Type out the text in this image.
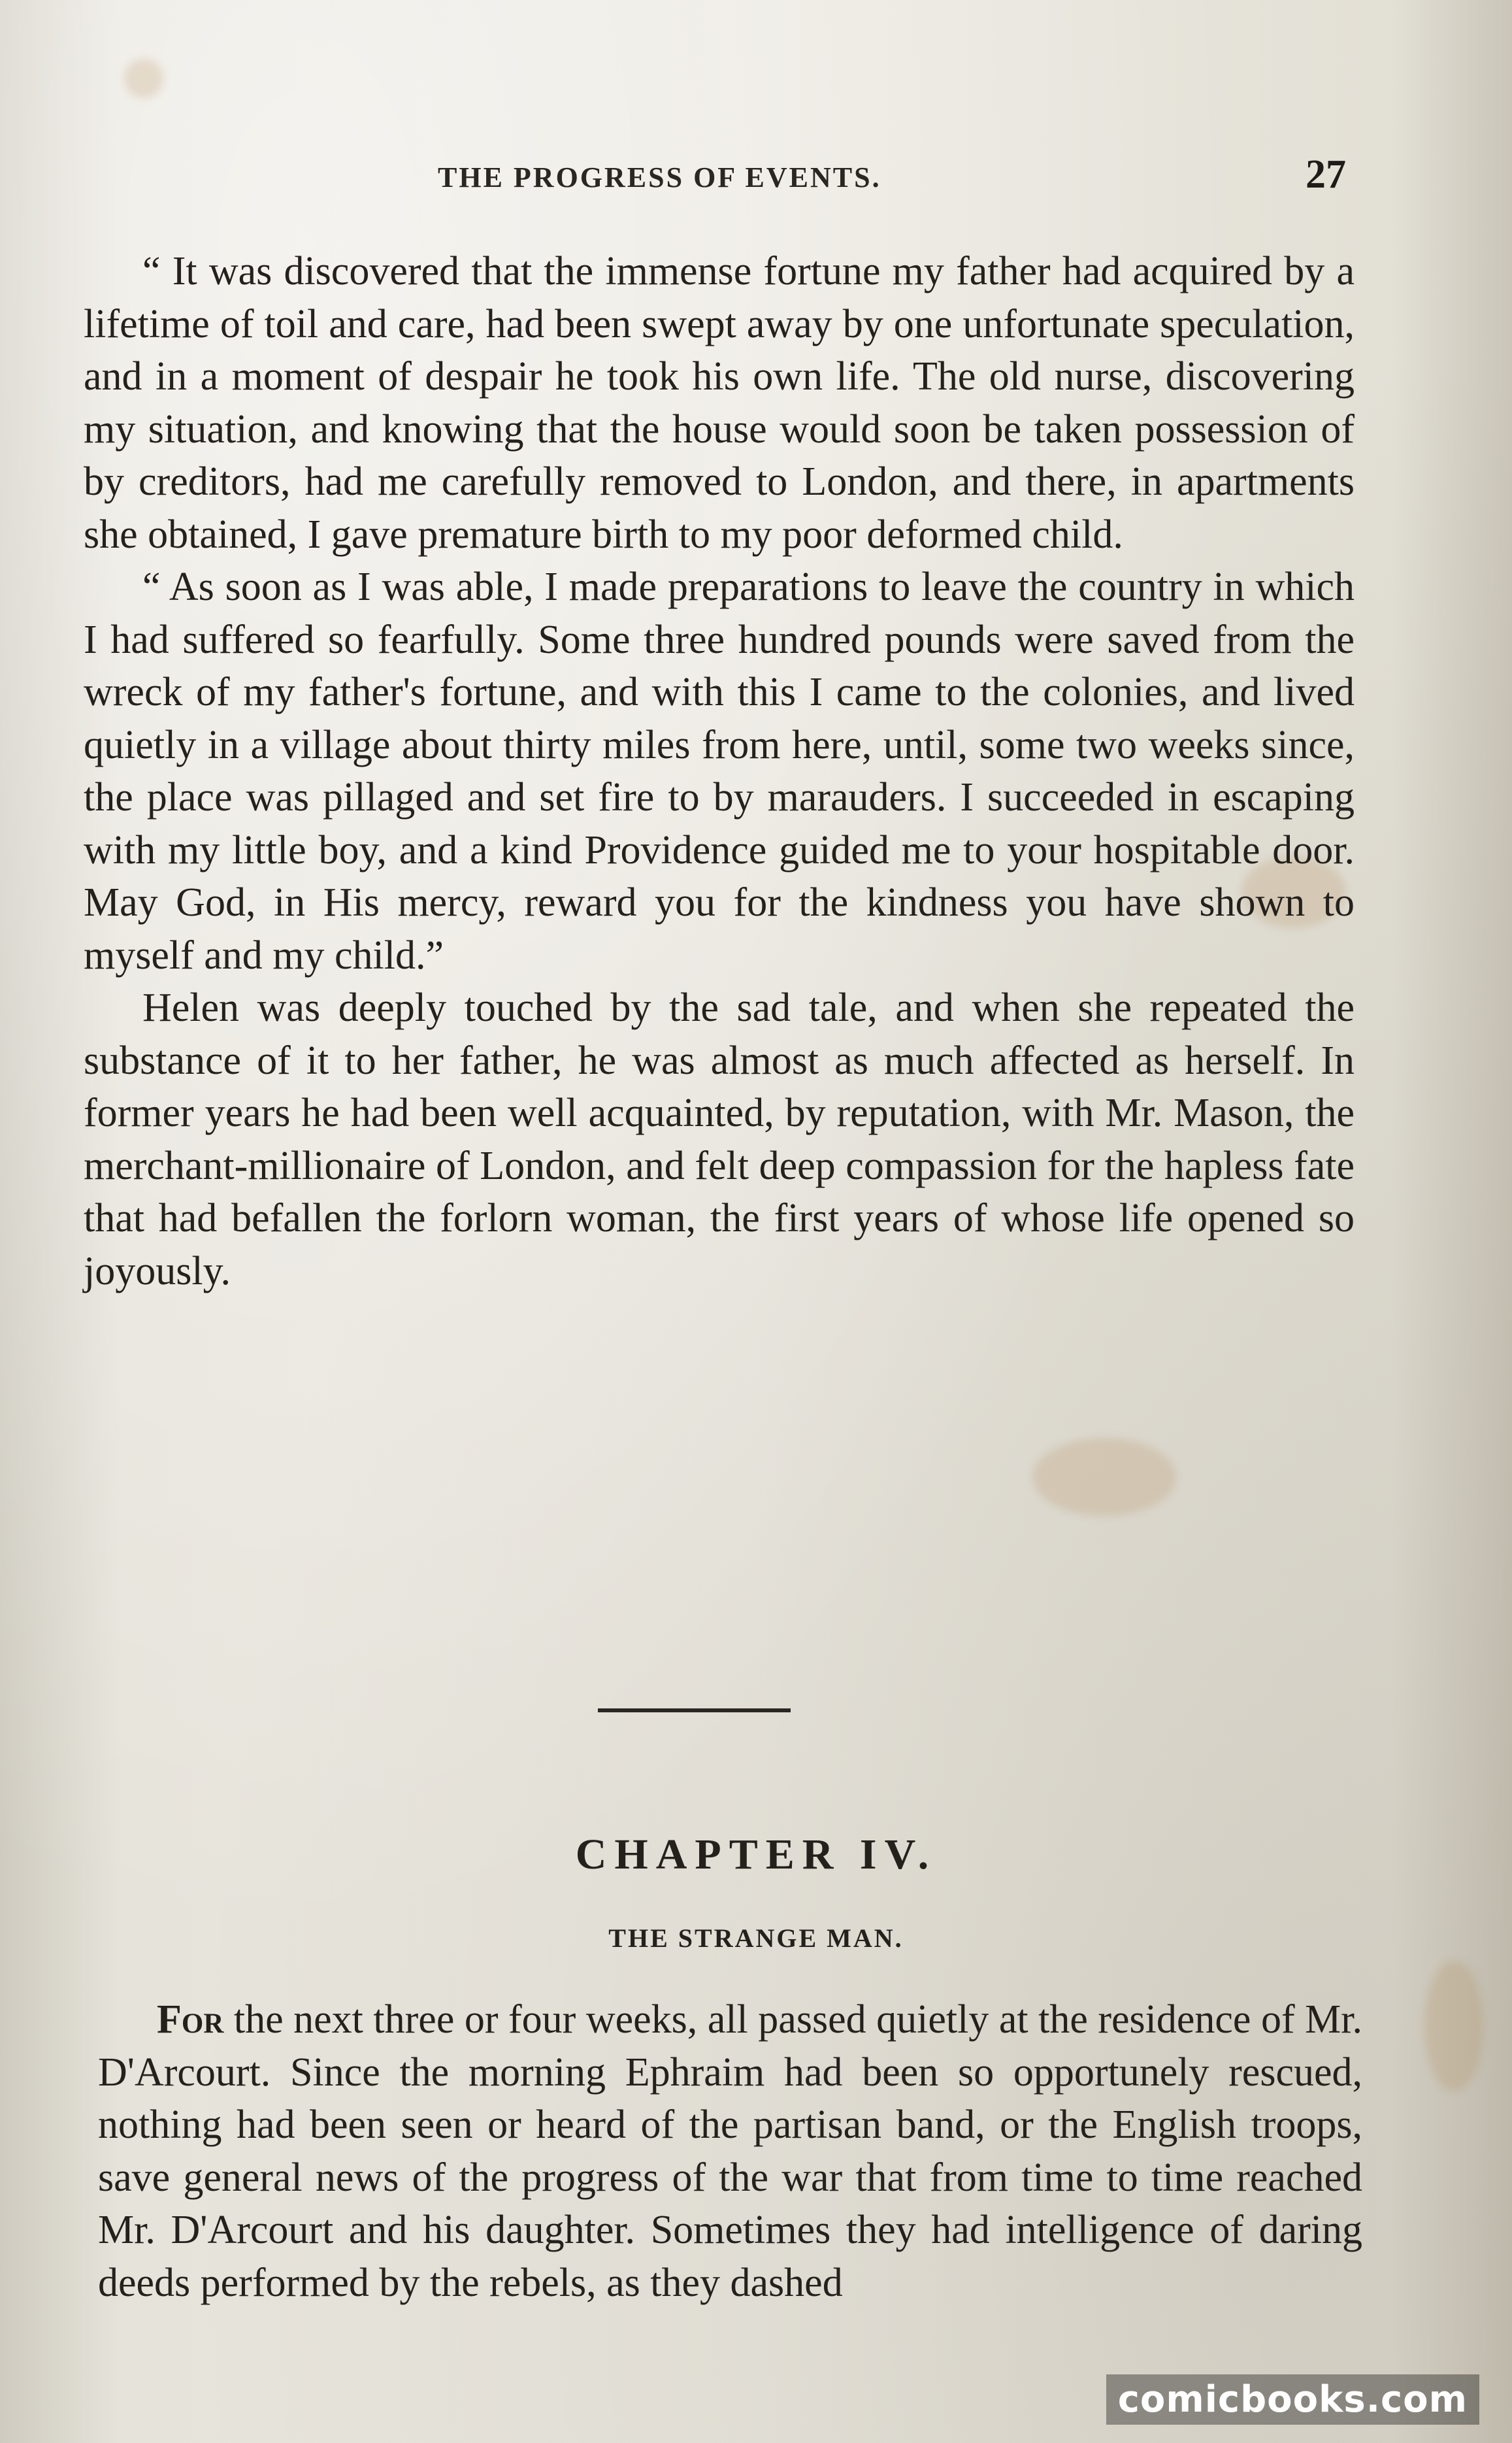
THE PROGRESS OF EVENTS.	27

“ It was discovered that the immense fortune my father had acquired by a lifetime of toil and care, had been swept away by one unfortunate speculation, and in a moment of despair he took his own life. The old nurse, discovering my situation, and knowing that the house would soon be taken possession of by creditors, had me carefully removed to London, and there, in apartments she obtained, I gave premature birth to my poor deformed child.

“ As soon as I was able, I made preparations to leave the country in which I had suffered so fearfully. Some three hundred pounds were saved from the wreck of my father's fortune, and with this I came to the colonies, and lived quietly in a village about thirty miles from here, until, some two weeks since, the place was pillaged and set fire to by marauders. I succeeded in escaping with my little boy, and a kind Providence guided me to your hospitable door. May God, in His mercy, reward you for the kindness you have shown to myself and my child.”

Helen was deeply touched by the sad tale, and when she repeated the substance of it to her father, he was almost as much affected as herself. In former years he had been well acquainted, by reputation, with Mr. Mason, the merchant-millionaire of London, and felt deep compassion for the hapless fate that had befallen the forlorn woman, the first years of whose life opened so joyously.

CHAPTER IV.
THE STRANGE MAN.

For the next three or four weeks, all passed quietly at the residence of Mr. D'Arcourt. Since the morning Ephraim had been so opportunely rescued, nothing had been seen or heard of the partisan band, or the English troops, save general news of the progress of the war that from time to time reached Mr. D'Arcourt and his daughter. Sometimes they had intelligence of daring deeds performed by the rebels, as they dashed

comicbooks.com
